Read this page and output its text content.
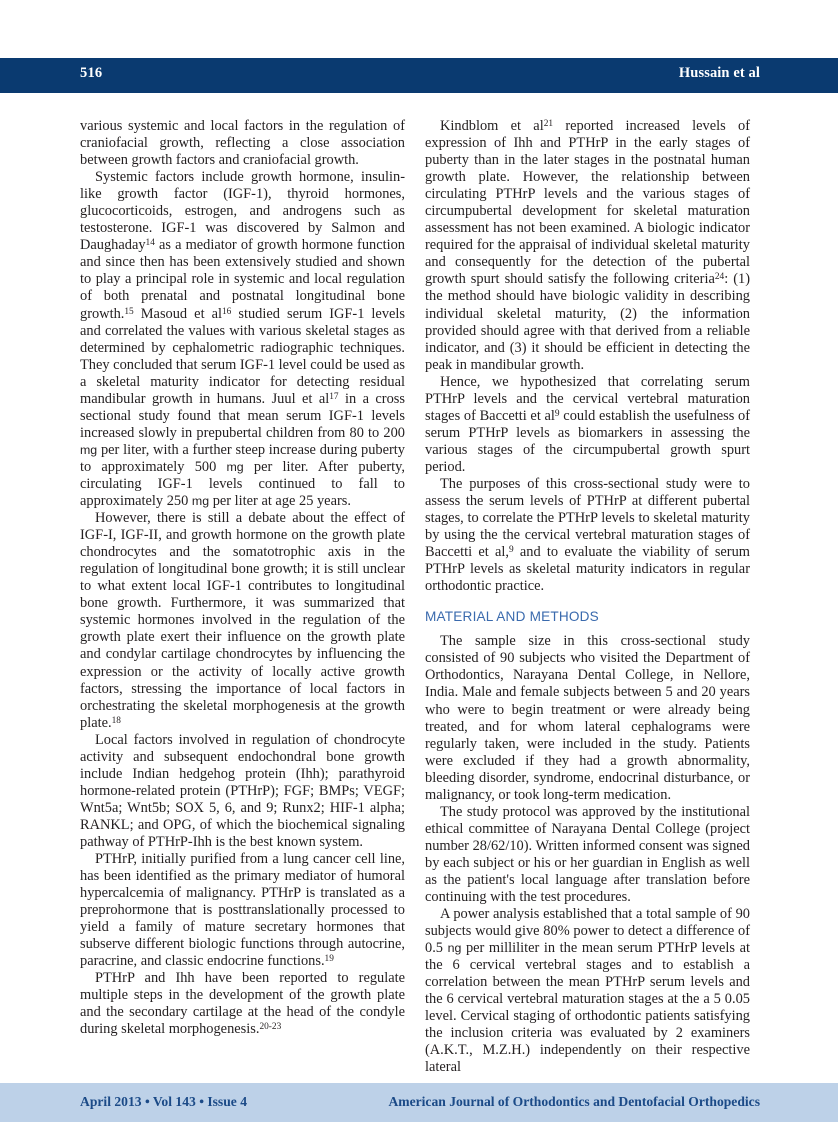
516	Hussain et al

various systemic and local factors in the regulation of craniofacial growth, reflecting a close association between growth factors and craniofacial growth.

Systemic factors include growth hormone, insulin-like growth factor (IGF-1), thyroid hormones, glucocorticoids, estrogen, and androgens such as testosterone. IGF-1 was discovered by Salmon and Daughaday$^{14}$ as a mediator of growth hormone function and since then has been extensively studied and shown to play a principal role in systemic and local regulation of both prenatal and postnatal longitudinal bone growth.$^{15}$ Masoud et $al^{16}$ studied serum IGF-1 levels and correlated the values with various skeletal stages as determined by cephalometric radiographic techniques. They concluded that serum IGF-1 level could be used as a skeletal maturity indicator for detecting residual mandibular growth in humans. Juul et $al^{17}$ in a cross sectional study found that mean serum IGF-1 levels increased slowly in prepubertal children from 80 to 200 mg per liter, with a further steep increase during puberty to approximately 500 mg per liter. After puberty, circulating IGF-1 levels continued to fall to approximately 250 mg per liter at age 25 years.

However, there is still a debate about the effect of IGF-I, IGF-II, and growth hormone on the growth plate chondrocytes and the somatotrophic axis in the regulation of longitudinal bone growth; it is still unclear to what extent local IGF-1 contributes to longitudinal bone growth. Furthermore, it was summarized that systemic hormones involved in the regulation of the growth plate exert their influence on the growth plate and condylar cartilage chondrocytes by influencing the expression or the activity of locally active growth factors, stressing the importance of local factors in orchestrating the skeletal morphogenesis at the growth plate.$^{18}$

Local factors involved in regulation of chondrocyte activity and subsequent endochondral bone growth include Indian hedgehog protein (Ihh); parathyroid hormone-related protein (PTHrP); FGF; BMPs; VEGF; Wnt5a; Wnt5b; SOX 5, 6, and 9; Runx2; HIF-1 alpha; RANKL; and OPG, of which the biochemical signaling pathway of PTHrP-Ihh is the best known system.

PTHrP, initially purified from a lung cancer cell line, has been identified as the primary mediator of humoral hypercalcemia of malignancy. PTHrP is translated as a preprohormone that is posttranslationally processed to yield a family of mature secretary hormones that subserve different biologic functions through autocrine, paracrine, and classic endocrine functions.$^{19}$

PTHrP and Ihh have been reported to regulate multiple steps in the development of the growth plate and the secondary cartilage at the head of the condyle during skeletal morphogenesis.$^{20-23}$

Kindblom et $al^{21}$ reported increased levels of expression of Ihh and PTHrP in the early stages of puberty than in the later stages in the postnatal human growth plate. However, the relationship between circulating PTHrP levels and the various stages of circumpubertal development for skeletal maturation assessment has not been examined. A biologic indicator required for the appraisal of individual skeletal maturity and consequently for the detection of the pubertal growth spurt should satisfy the following criteria$^{24}$: (1) the method should have biologic validity in describing individual skeletal maturity, (2) the information provided should agree with that derived from a reliable indicator, and (3) it should be efficient in detecting the peak in mandibular growth.

Hence, we hypothesized that correlating serum PTHrP levels and the cervical vertebral maturation stages of Baccetti et $al^9$ could establish the usefulness of serum PTHrP levels as biomarkers in assessing the various stages of the circumpubertal growth spurt period.

The purposes of this cross-sectional study were to assess the serum levels of PTHrP at different pubertal stages, to correlate the PTHrP levels to skeletal maturity by using the the cervical vertebral maturation stages of Baccetti et al,$^9$ and to evaluate the viability of serum PTHrP levels as skeletal maturity indicators in regular orthodontic practice.

MATERIAL AND METHODS

The sample size in this cross-sectional study consisted of 90 subjects who visited the Department of Orthodontics, Narayana Dental College, in Nellore, India. Male and female subjects between 5 and 20 years who were to begin treatment or were already being treated, and for whom lateral cephalograms were regularly taken, were included in the study. Patients were excluded if they had a growth abnormality, bleeding disorder, syndrome, endocrinal disturbance, or malignancy, or took long-term medication.

The study protocol was approved by the institutional ethical committee of Narayana Dental College (project number 28/62/10). Written informed consent was signed by each subject or his or her guardian in English as well as the patient's local language after translation before continuing with the test procedures.

A power analysis established that a total sample of 90 subjects would give 80% power to detect a difference of 0.5 ng per milliliter in the mean serum PTHrP levels at the 6 cervical vertebral stages and to establish a correlation between the mean PTHrP serum levels and the 6 cervical vertebral maturation stages at the a 5 0.05 level. Cervical staging of orthodontic patients satisfying the inclusion criteria was evaluated by 2 examiners (A.K.T., M.Z.H.) independently on their respective lateral

April 2013 • Vol 143 • Issue 4	American Journal of Orthodontics and Dentofacial Orthopedics
